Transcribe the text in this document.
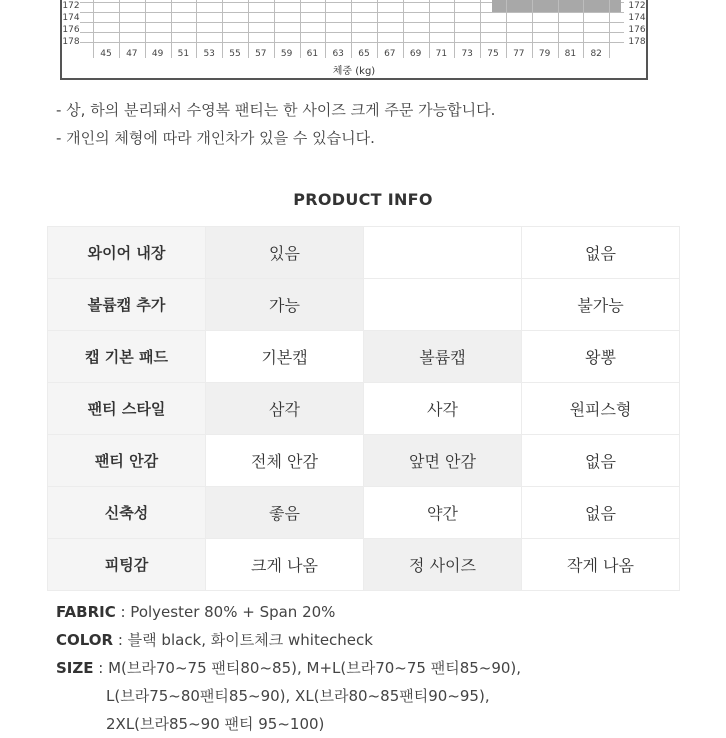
체중 (kg)
45	47	49	51	53	55	57	59	61	63	65	67	69	71	73	75	77	79	81	82
172	172
174	174
176	176
178	178
- 상, 하의 분리돼서 수영복 팬티는 한 사이즈 크게 주문 가능합니다.
- 개인의 체형에 따라 개인차가 있을 수 있습니다.
PRODUCT INFO
와이어 내장	있음		없음
볼륨캡 추가	가능		불가능
캡 기본 패드	기본캡	볼륨캡	왕뽕
팬티 스타일	삼각	사각	원피스형
팬티 안감	전체 안감	앞면 안감	없음
신축성	좋음	약간	없음
피팅감	크게 나옴	정 사이즈	작게 나옴
FABRIC : Polyester 80% + Span 20%
COLOR : 블랙 black, 화이트체크 whitecheck
SIZE : M(브라70~75 팬티80~85), M+L(브라70~75 팬티85~90),
L(브라75~80팬티85~90), XL(브라80~85팬티90~95),
2XL(브라85~90 팬티 95~100)
